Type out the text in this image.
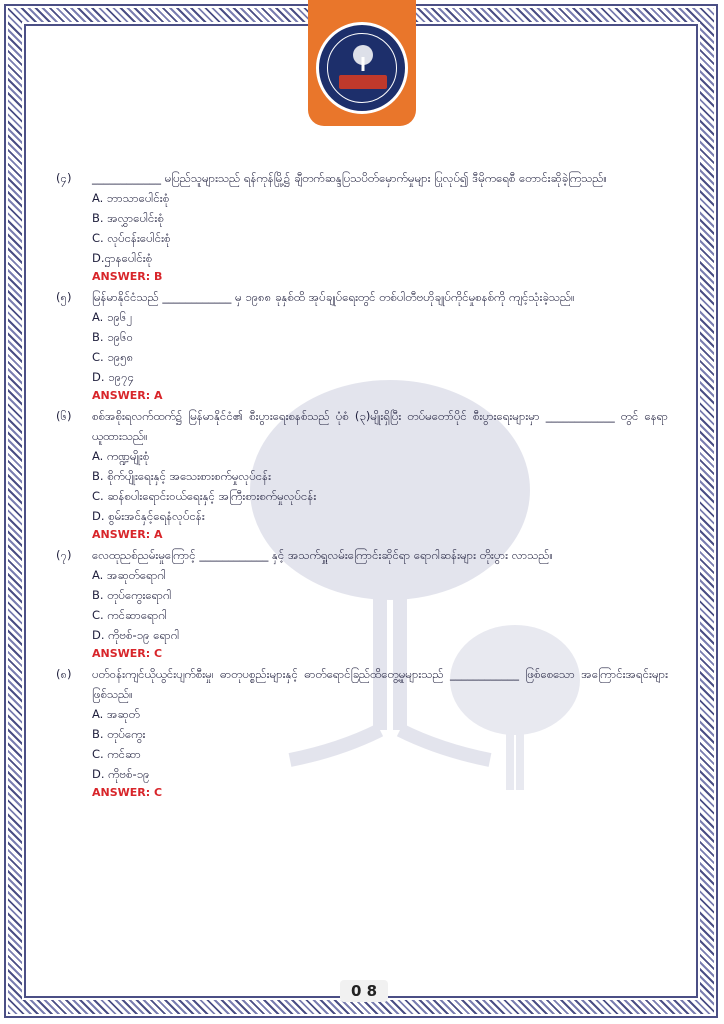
(၄)	____________ မပြည်သူများသည် ရန်ကုန်မြို့၌ ချီတက်ဆန္ဒပြသပိတ်မှောက်မှုများ ပြုလုပ်၍ ဒီမိုကရေစီ တောင်းဆိုခဲ့ကြသည်။
A. ဘာသာပေါင်းစုံ
B. အလွှာပေါင်းစုံ
C. လုပ်ငန်းပေါင်းစုံ
D.ဌာနပေါင်းစုံ
ANSWER: B
(၅)	မြန်မာနိုင်ငံသည် ____________ မှ ၁၉၈၈ ခုနှစ်ထိ အုပ်ချုပ်ရေးတွင် တစ်ပါတီဗဟိုချုပ်ကိုင်မှုစနစ်ကို ကျင့်သုံးခဲ့သည်။
A. ၁၉၆၂
B. ၁၉၆၀
C. ၁၉၅၈
D. ၁၉၇၄
ANSWER: A
(၆)	စစ်အစိုးရလက်ထက်၌ မြန်မာနိုင်ငံ၏ စီးပွားရေးစနစ်သည် ပုံစံ (၃)မျိုးရှိပြီး တပ်မတော်ပိုင် စီးပွားရေးများမှာ ____________ တွင် နေရာယူထားသည်။
A. ကဏ္ဍမျိုးစုံ
B. စိုက်ပျိုးရေးနှင့် အသေးစားစက်မှုလုပ်ငန်း
C. ဆန်စပါးရောင်းဝယ်ရေးနှင့် အကြီးစားစက်မှုလုပ်ငန်း
D. စွမ်းအင်နှင့်ရေနံလုပ်ငန်း
ANSWER: A
(၇)	လေထုညစ်ညမ်းမှုကြောင့် ____________ နှင့် အသက်ရှူလမ်းကြောင်းဆိုင်ရာ ရောဂါဆန်းများ တိုးပွား လာသည်။
A. အဆုတ်ရောဂါ
B. တုပ်ကွေးရောဂါ
C. ကင်ဆာရောဂါ
D. ကိုဗစ်-၁၉ ရောဂါ
ANSWER: C
(၈)	ပတ်ဝန်းကျင်ယိုယွင်းပျက်စီးမှု၊ ဓာတုပစ္စည်းများနှင့် ဓာတ်ရောင်ခြည်ထိတွေ့မှုများသည် ____________ ဖြစ်စေသော အကြောင်းအရင်းများဖြစ်သည်။
A. အဆုတ်
B. တုပ်ကွေး
C. ကင်ဆာ
D. ကိုဗစ်-၁၉
ANSWER: C
0 8
